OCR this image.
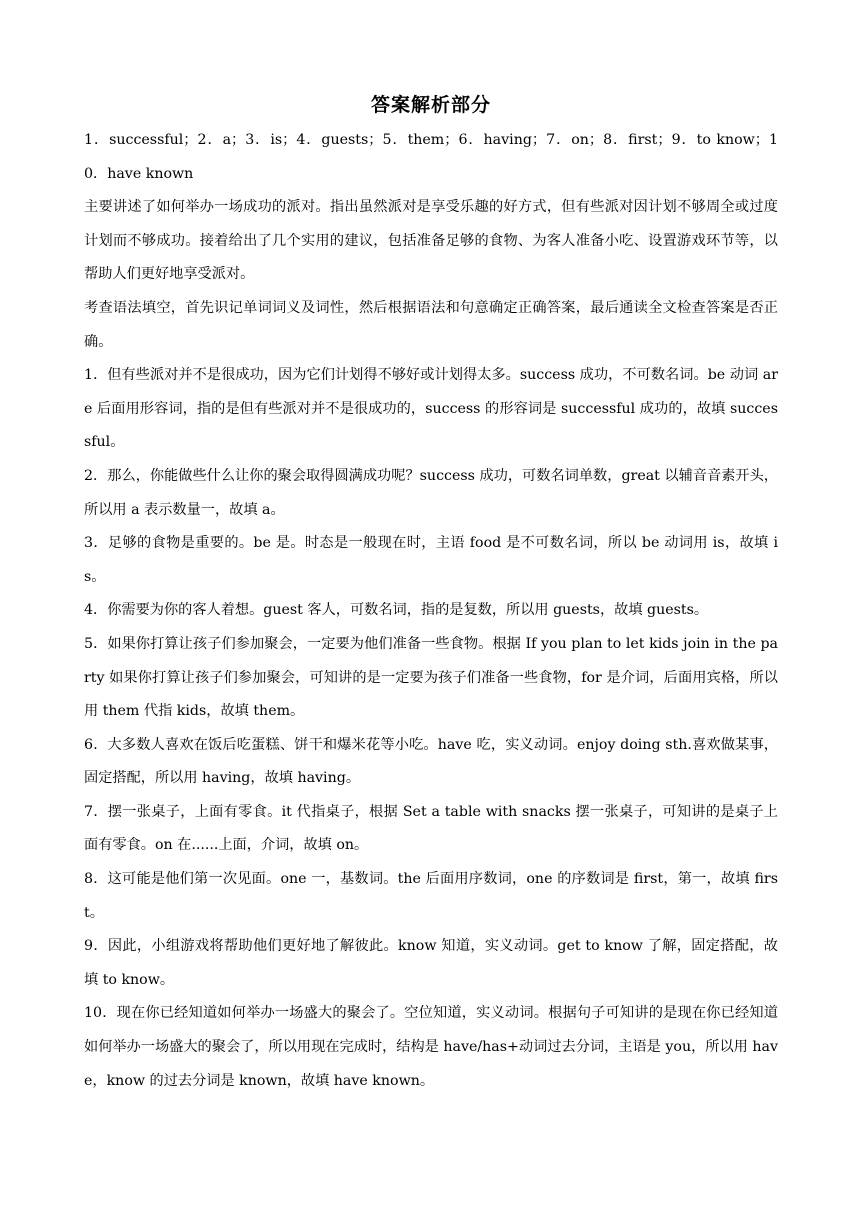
答案解析部分

1．successful；2．a；3．is；4．guests；5．them；6．having；7．on；8．first；9．to know；10．have known

主要讲述了如何举办一场成功的派对。指出虽然派对是享受乐趣的好方式，但有些派对因计划不够周全或过度计划而不够成功。接着给出了几个实用的建议，包括准备足够的食物、为客人准备小吃、设置游戏环节等，以帮助人们更好地享受派对。

考查语法填空，首先识记单词词义及词性，然后根据语法和句意确定正确答案，最后通读全文检查答案是否正确。

1．但有些派对并不是很成功，因为它们计划得不够好或计划得太多。success 成功，不可数名词。be 动词 are 后面用形容词，指的是但有些派对并不是很成功的，success 的形容词是 successful 成功的，故填 successful。

2．那么，你能做些什么让你的聚会取得圆满成功呢？success 成功，可数名词单数，great 以辅音音素开头，所以用 a 表示数量一，故填 a。

3．足够的食物是重要的。be 是。时态是一般现在时，主语 food 是不可数名词，所以 be 动词用 is，故填 is。

4．你需要为你的客人着想。guest 客人，可数名词，指的是复数，所以用 guests，故填 guests。

5．如果你打算让孩子们参加聚会，一定要为他们准备一些食物。根据 If you plan to let kids join in the party 如果你打算让孩子们参加聚会，可知讲的是一定要为孩子们准备一些食物，for 是介词，后面用宾格，所以用 them 代指 kids，故填 them。

6．大多数人喜欢在饭后吃蛋糕、饼干和爆米花等小吃。have 吃，实义动词。enjoy doing sth.喜欢做某事，固定搭配，所以用 having，故填 having。

7．摆一张桌子，上面有零食。it 代指桌子，根据 Set a table with snacks 摆一张桌子，可知讲的是桌子上面有零食。on 在......上面，介词，故填 on。

8．这可能是他们第一次见面。one 一，基数词。the 后面用序数词，one 的序数词是 first，第一，故填 first。

9．因此，小组游戏将帮助他们更好地了解彼此。know 知道，实义动词。get to know 了解，固定搭配，故填 to know。

10．现在你已经知道如何举办一场盛大的聚会了。空位知道，实义动词。根据句子可知讲的是现在你已经知道如何举办一场盛大的聚会了，所以用现在完成时，结构是 have/has+动词过去分词，主语是 you，所以用 have，know 的过去分词是 known，故填 have known。
